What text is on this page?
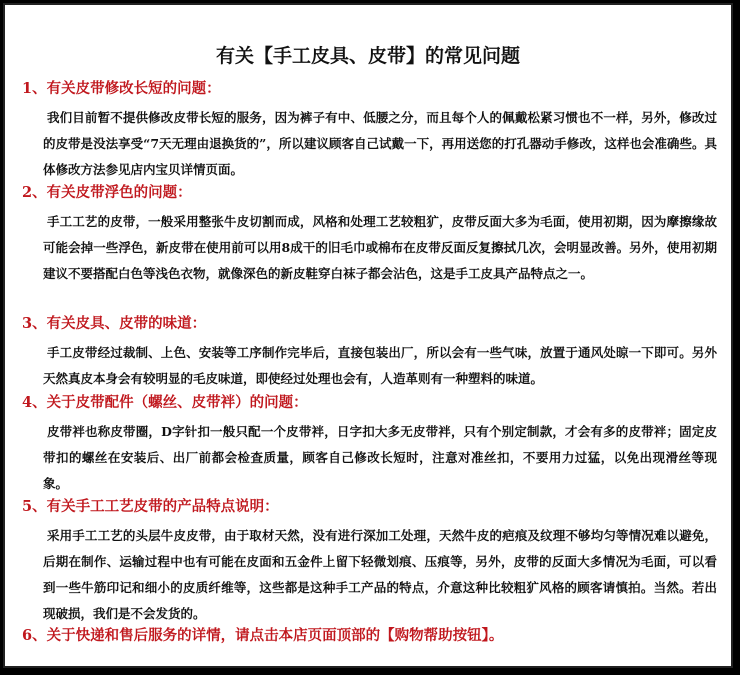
有关【手工皮具、皮带】的常见问题
1、有关皮带修改长短的问题：
我们目前暂不提供修改皮带长短的服务，因为裤子有中、低腰之分，而且每个人的佩戴松紧习惯也不一样，另外，修改过的皮带是没法享受“7天无理由退换货的”，所以建议顾客自己试戴一下，再用送您的打孔器动手修改，这样也会准确些。具体修改方法参见店内宝贝详情页面。
2、有关皮带浮色的问题：
手工工艺的皮带，一般采用整张牛皮切割而成，风格和处理工艺较粗犷，皮带反面大多为毛面，使用初期，因为摩擦缘故可能会掉一些浮色，新皮带在使用前可以用8成干的旧毛巾或棉布在皮带反面反复擦拭几次，会明显改善。另外，使用初期建议不要搭配白色等浅色衣物，就像深色的新皮鞋穿白袜子都会沾色，这是手工皮具产品特点之一。
3、有关皮具、皮带的味道：
手工皮带经过裁制、上色、安装等工序制作完毕后，直接包装出厂，所以会有一些气味，放置于通风处晾一下即可。另外天然真皮本身会有较明显的毛皮味道，即使经过处理也会有，人造革则有一种塑料的味道。
4、关于皮带配件（螺丝、皮带袢）的问题：
皮带袢也称皮带圈，D字针扣一般只配一个皮带袢，日字扣大多无皮带袢，只有个别定制款，才会有多的皮带袢；固定皮带扣的螺丝在安装后、出厂前都会检查质量，顾客自己修改长短时，注意对准丝扣，不要用力过猛，以免出现滑丝等现象。
5、有关手工工艺皮带的产品特点说明：
采用手工工艺的头层牛皮皮带，由于取材天然，没有进行深加工处理，天然牛皮的疤痕及纹理不够均匀等情况难以避免，后期在制作、运输过程中也有可能在皮面和五金件上留下轻微划痕、压痕等，另外，皮带的反面大多情况为毛面，可以看到一些牛筋印记和细小的皮质纤维等，这些都是这种手工产品的特点，介意这种比较粗犷风格的顾客请慎拍。当然。若出现破损，我们是不会发货的。
6、关于快递和售后服务的详情，请点击本店页面顶部的【购物帮助按钮】。
